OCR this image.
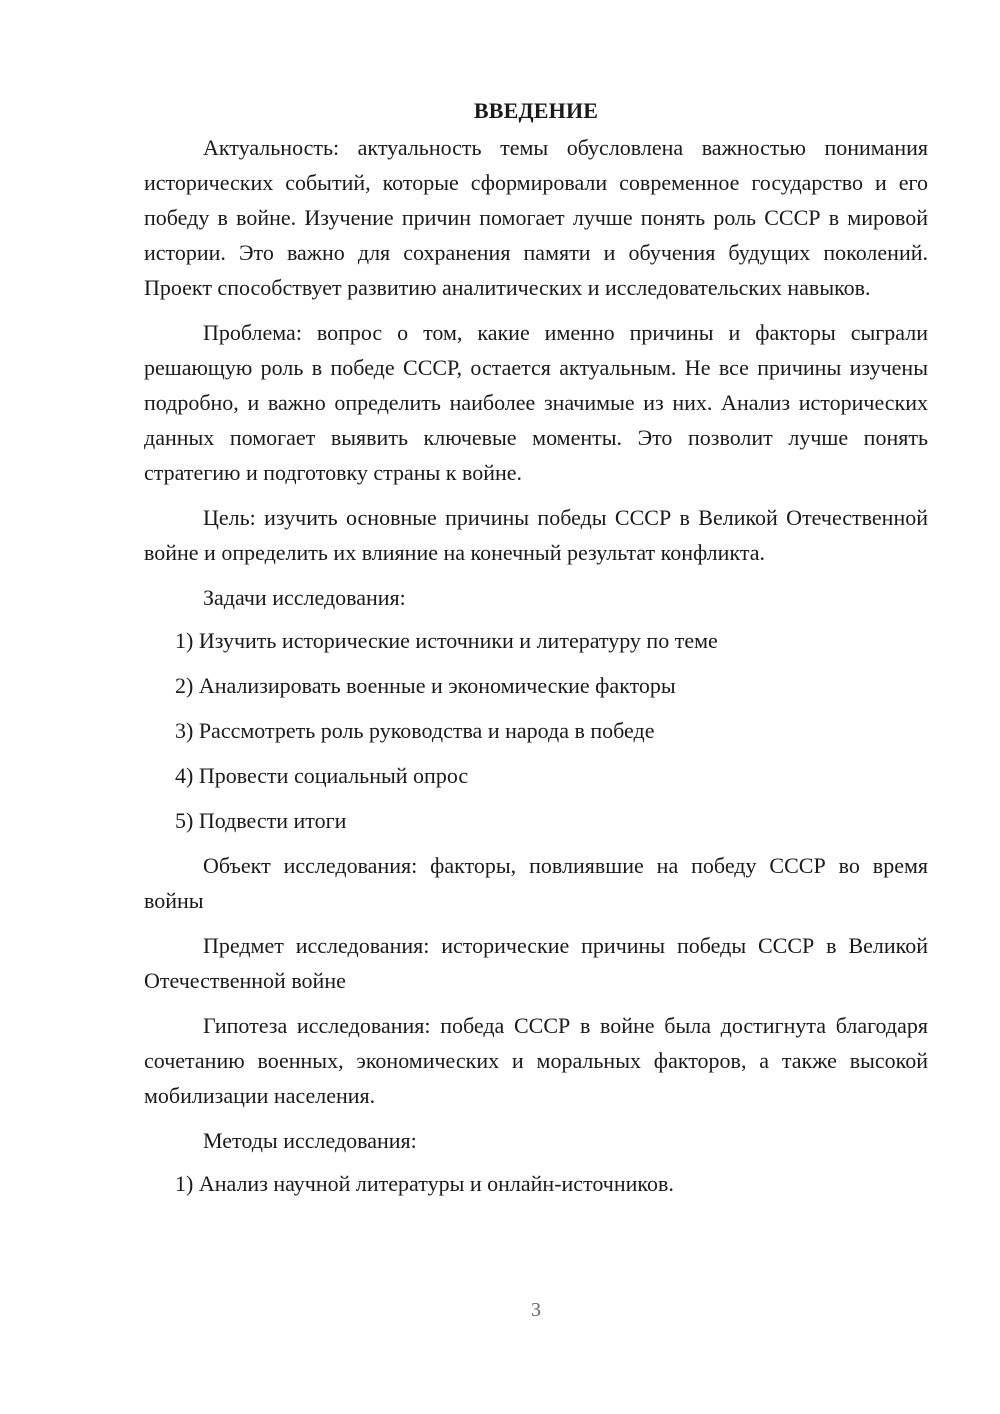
ВВЕДЕНИЕ

Актуальность: актуальность темы обусловлена важностью понимания исторических событий, которые сформировали современное государство и его победу в войне. Изучение причин помогает лучше понять роль СССР в мировой истории. Это важно для сохранения памяти и обучения будущих поколений. Проект способствует развитию аналитических и исследовательских навыков.

Проблема: вопрос о том, какие именно причины и факторы сыграли решающую роль в победе СССР, остается актуальным. Не все причины изучены подробно, и важно определить наиболее значимые из них. Анализ исторических данных помогает выявить ключевые моменты. Это позволит лучше понять стратегию и подготовку страны к войне.

Цель: изучить основные причины победы СССР в Великой Отечественной войне и определить их влияние на конечный результат конфликта.

Задачи исследования:

1) Изучить исторические источники и литературу по теме
2) Анализировать военные и экономические факторы
3) Рассмотреть роль руководства и народа в победе
4) Провести социальный опрос
5) Подвести итоги

Объект исследования: факторы, повлиявшие на победу СССР во время войны

Предмет исследования: исторические причины победы СССР в Великой Отечественной войне

Гипотеза исследования: победа СССР в войне была достигнута благодаря сочетанию военных, экономических и моральных факторов, а также высокой мобилизации населения.

Методы исследования:

1) Анализ научной литературы и онлайн-источников.
3
